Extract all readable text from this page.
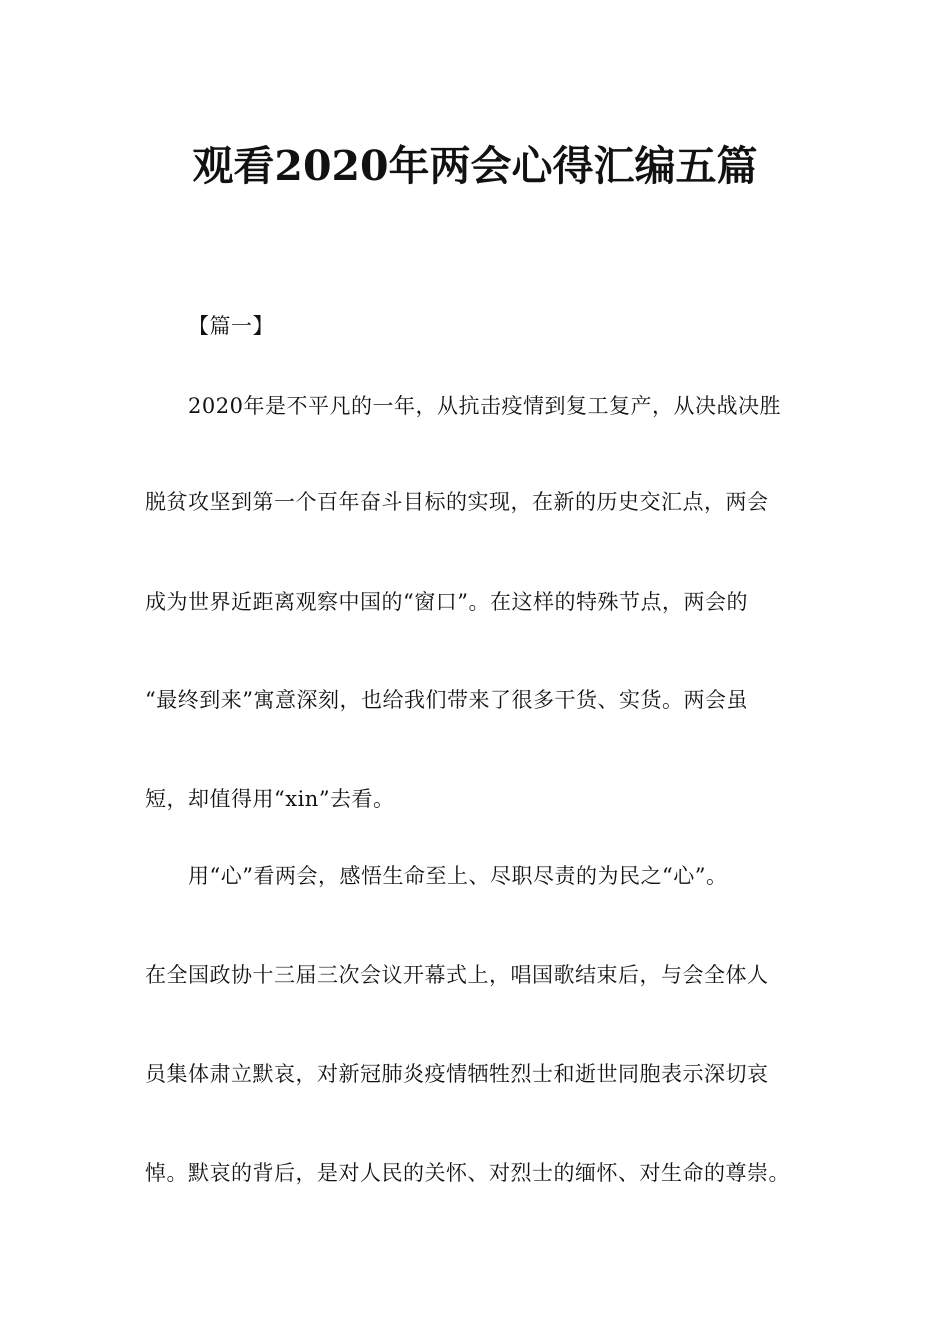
观看2020年两会心得汇编五篇
【篇一】
2020年是不平凡的一年，从抗击疫情到复工复产，从决战决胜
脱贫攻坚到第一个百年奋斗目标的实现，在新的历史交汇点，两会
成为世界近距离观察中国的“窗口”。在这样的特殊节点，两会的
“最终到来”寓意深刻，也给我们带来了很多干货、实货。两会虽
短，却值得用“xin”去看。
用“心”看两会，感悟生命至上、尽职尽责的为民之“心”。
在全国政协十三届三次会议开幕式上，唱国歌结束后，与会全体人
员集体肃立默哀，对新冠肺炎疫情牺牲烈士和逝世同胞表示深切哀
悼。默哀的背后，是对人民的关怀、对烈士的缅怀、对生命的尊崇。
